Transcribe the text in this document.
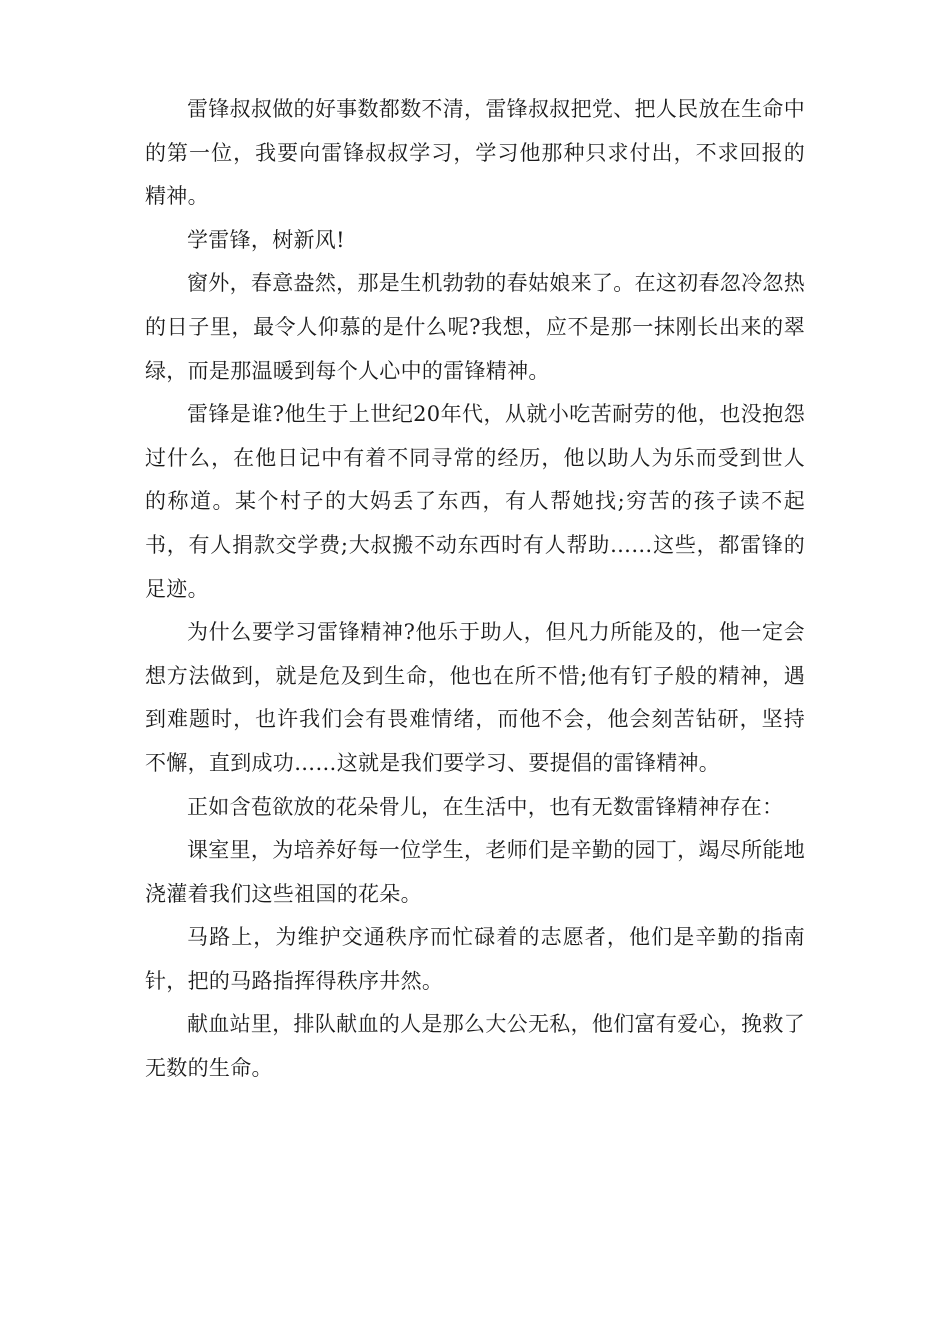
雷锋叔叔做的好事数都数不清，雷锋叔叔把党、把人民放在生命中的第一位，我要向雷锋叔叔学习，学习他那种只求付出，不求回报的精神。

学雷锋，树新风!

窗外，春意盎然，那是生机勃勃的春姑娘来了。在这初春忽冷忽热的日子里，最令人仰慕的是什么呢?我想，应不是那一抹刚长出来的翠绿，而是那温暖到每个人心中的雷锋精神。

雷锋是谁?他生于上世纪20年代，从就小吃苦耐劳的他，也没抱怨过什么，在他日记中有着不同寻常的经历，他以助人为乐而受到世人的称道。某个村子的大妈丢了东西，有人帮她找;穷苦的孩子读不起书，有人捐款交学费;大叔搬不动东西时有人帮助……这些，都雷锋的足迹。

为什么要学习雷锋精神?他乐于助人，但凡力所能及的，他一定会想方法做到，就是危及到生命，他也在所不惜;他有钉子般的精神，遇到难题时，也许我们会有畏难情绪，而他不会，他会刻苦钻研，坚持不懈，直到成功……这就是我们要学习、要提倡的雷锋精神。

正如含苞欲放的花朵骨儿，在生活中，也有无数雷锋精神存在：

课室里，为培养好每一位学生，老师们是辛勤的园丁，竭尽所能地浇灌着我们这些祖国的花朵。

马路上，为维护交通秩序而忙碌着的志愿者，他们是辛勤的指南针，把的马路指挥得秩序井然。

献血站里，排队献血的人是那么大公无私，他们富有爱心，挽救了无数的生命。
